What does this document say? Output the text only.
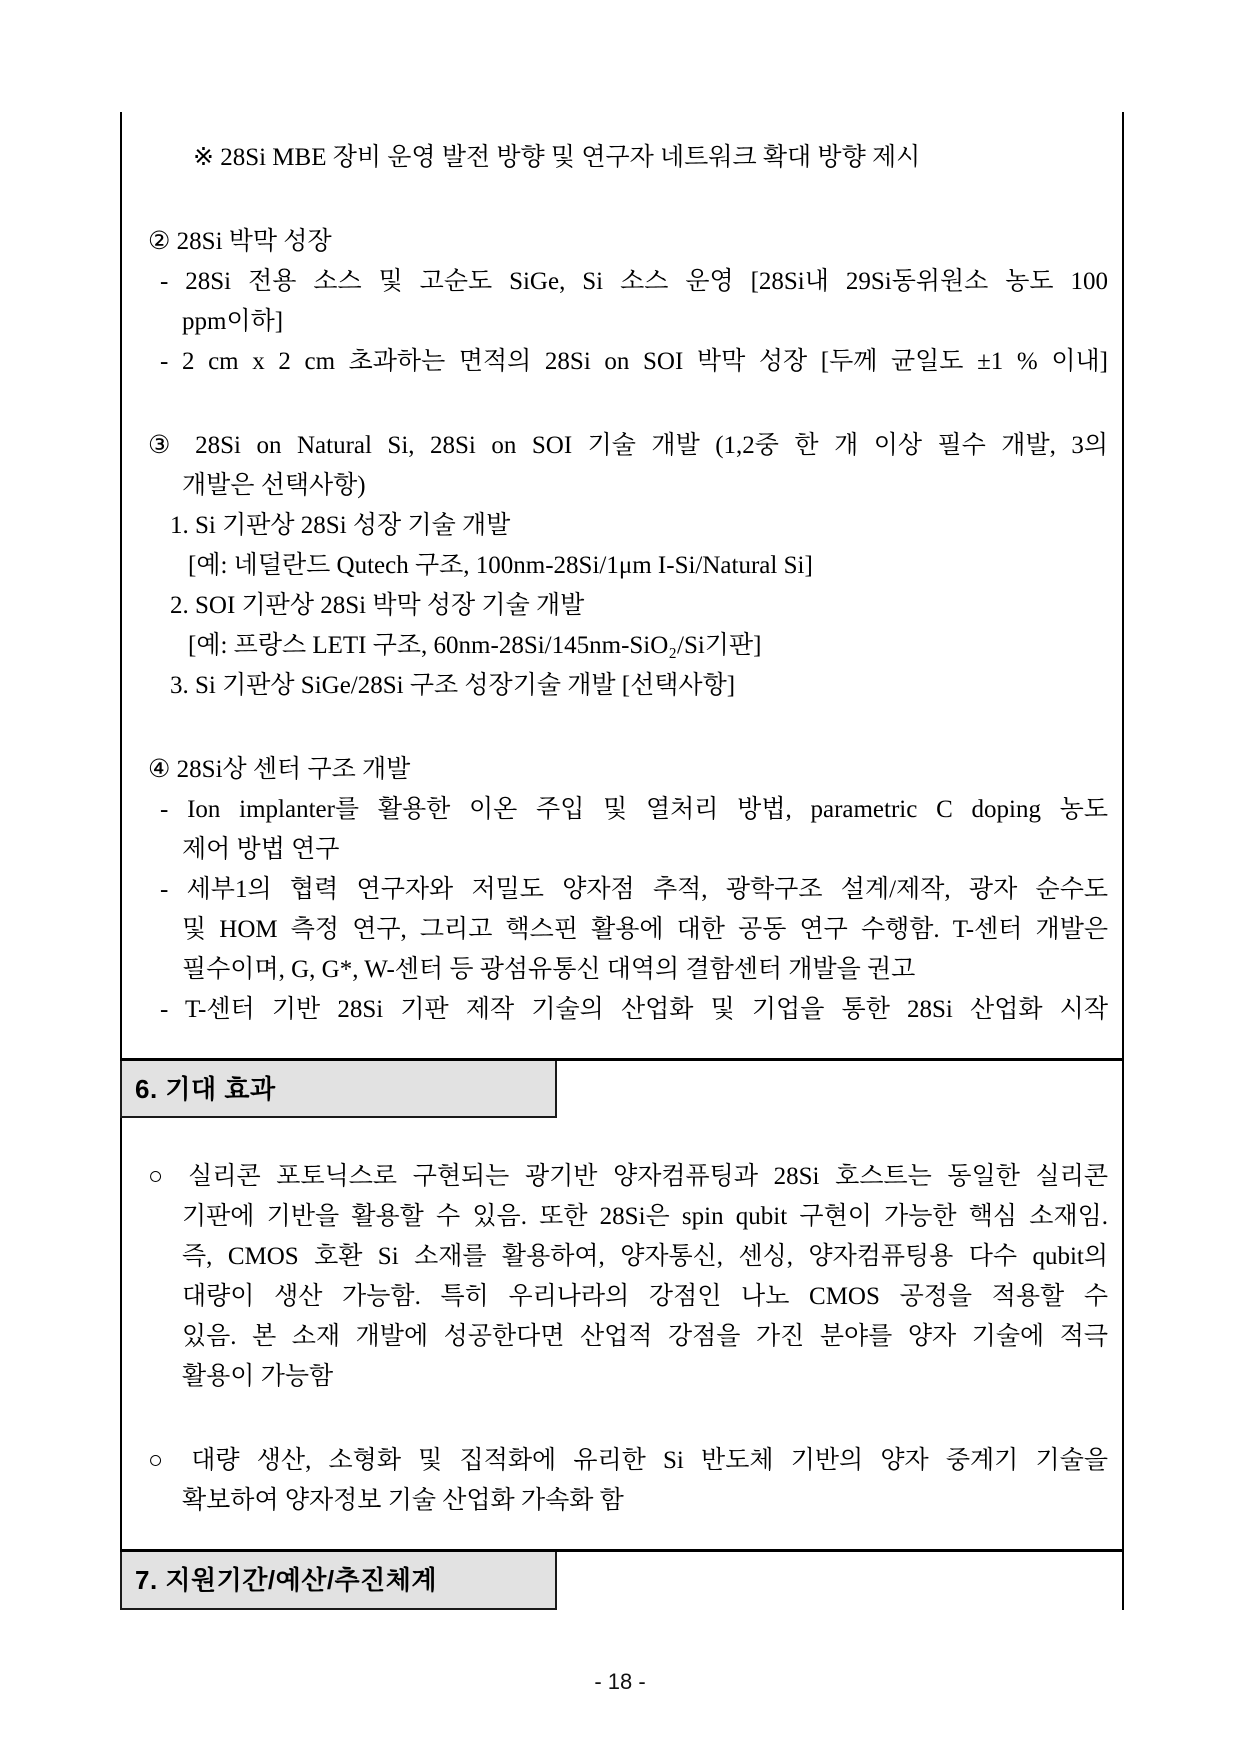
※ 28Si MBE 장비 운영 발전 방향 및 연구자 네트워크 확대 방향 제시
② 28Si 박막 성장
- 28Si 전용 소스 및 고순도 SiGe, Si 소스 운영 [28Si내 29Si동위원소 농도 100
ppm이하]
- 2 cm x 2 cm 초과하는 면적의 28Si on SOI 박막 성장 [두께 균일도 ±1 % 이내]
③ 28Si on Natural Si, 28Si on SOI 기술 개발 (1,2중 한 개 이상 필수 개발, 3의
개발은 선택사항)
1. Si 기판상 28Si 성장 기술 개발
[예: 네덜란드 Qutech 구조, 100nm-28Si/1μm I-Si/Natural Si]
2. SOI 기판상 28Si 박막 성장 기술 개발
[예: 프랑스 LETI 구조, 60nm-28Si/145nm-SiO₂/Si기판]
3. Si 기판상 SiGe/28Si 구조 성장기술 개발 [선택사항]
④ 28Si상 센터 구조 개발
- Ion implanter를 활용한 이온 주입 및 열처리 방법, parametric C doping 농도
제어 방법 연구
- 세부1의 협력 연구자와 저밀도 양자점 추적, 광학구조 설계/제작, 광자 순수도
및 HOM 측정 연구, 그리고 핵스핀 활용에 대한 공동 연구 수행함. T-센터 개발은
필수이며, G, G*, W-센터 등 광섬유통신 대역의 결함센터 개발을 권고
- T-센터 기반 28Si 기판 제작 기술의 산업화 및 기업을 통한 28Si 산업화 시작
6. 기대 효과
○ 실리콘 포토닉스로 구현되는 광기반 양자컴퓨팅과 28Si 호스트는 동일한 실리콘
기판에 기반을 활용할 수 있음. 또한 28Si은 spin qubit 구현이 가능한 핵심 소재임.
즉, CMOS 호환 Si 소재를 활용하여, 양자통신, 센싱, 양자컴퓨팅용 다수 qubit의
대량이 생산 가능함. 특히 우리나라의 강점인 나노 CMOS 공정을 적용할 수
있음. 본 소재 개발에 성공한다면 산업적 강점을 가진 분야를 양자 기술에 적극
활용이 가능함
○ 대량 생산, 소형화 및 집적화에 유리한 Si 반도체 기반의 양자 중계기 기술을
확보하여 양자정보 기술 산업화 가속화 함
7. 지원기간/예산/추진체계
- 18 -
